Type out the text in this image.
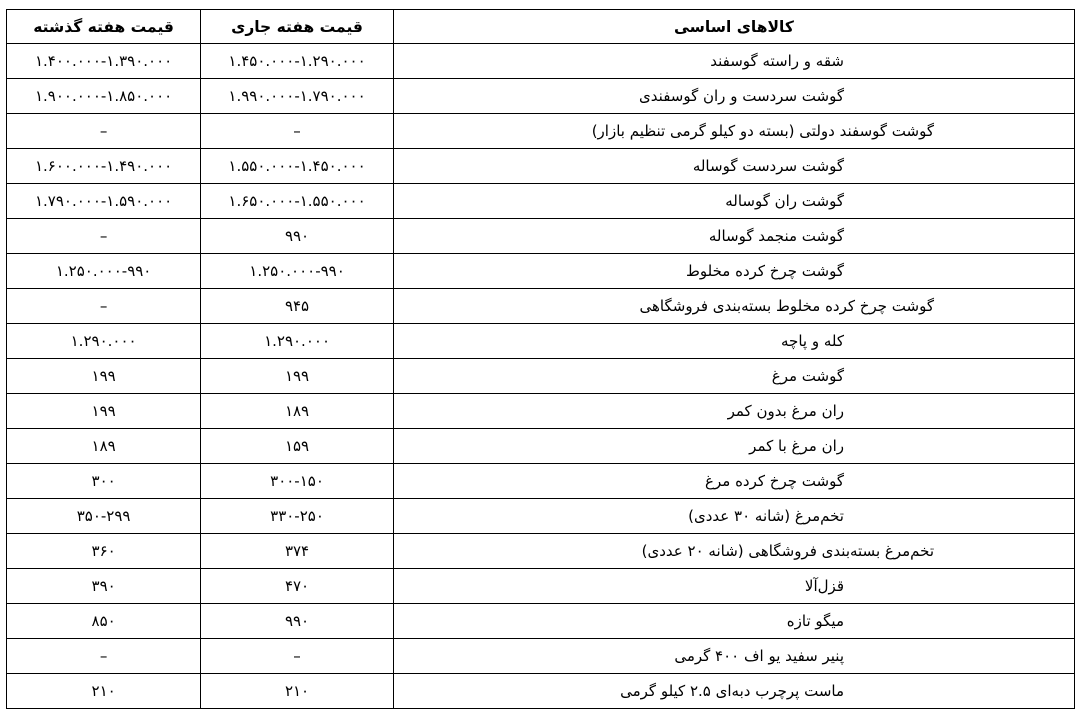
قیمت هفته گذشته	قیمت هفته جاری	کالاهای اساسی
۱.۴۰۰.۰۰۰-۱.۳۹۰.۰۰۰	۱.۴۵۰.۰۰۰-۱.۲۹۰.۰۰۰	شقه و راسته گوسفند
۱.۹۰۰.۰۰۰-۱.۸۵۰.۰۰۰	۱.۹۹۰.۰۰۰-۱.۷۹۰.۰۰۰	گوشت سردست و ران گوسفندی
–	–	گوشت گوسفند دولتی (بسته دو کیلو گرمی تنظیم بازار)
۱.۶۰۰.۰۰۰-۱.۴۹۰.۰۰۰	۱.۵۵۰.۰۰۰-۱.۴۵۰.۰۰۰	گوشت سردست گوساله
۱.۷۹۰.۰۰۰-۱.۵۹۰.۰۰۰	۱.۶۵۰.۰۰۰-۱.۵۵۰.۰۰۰	گوشت ران گوساله
–	۹۹۰	گوشت منجمد گوساله
۱.۲۵۰.۰۰۰-۹۹۰	۱.۲۵۰.۰۰۰-۹۹۰	گوشت چرخ کرده مخلوط
–	۹۴۵	گوشت چرخ کرده مخلوط بسته‌بندی فروشگاهی
۱.۲۹۰.۰۰۰	۱.۲۹۰.۰۰۰	کله و پاچه
۱۹۹	۱۹۹	گوشت مرغ
۱۹۹	۱۸۹	ران مرغ بدون کمر
۱۸۹	۱۵۹	ران مرغ با کمر
۳۰۰	۳۰۰-۱۵۰	گوشت چرخ کرده مرغ
۳۵۰-۲۹۹	۳۳۰-۲۵۰	تخم‌مرغ (شانه ۳۰ عددی)
۳۶۰	۳۷۴	تخم‌مرغ بسته‌بندی فروشگاهی (شانه ۲۰ عددی)
۳۹۰	۴۷۰	قزل‌آلا
۸۵۰	۹۹۰	میگو تازه
–	–	پنیر سفید یو اف ۴۰۰ گرمی
۲۱۰	۲۱۰	ماست پرچرب دبه‌ای ۲.۵ کیلو گرمی
